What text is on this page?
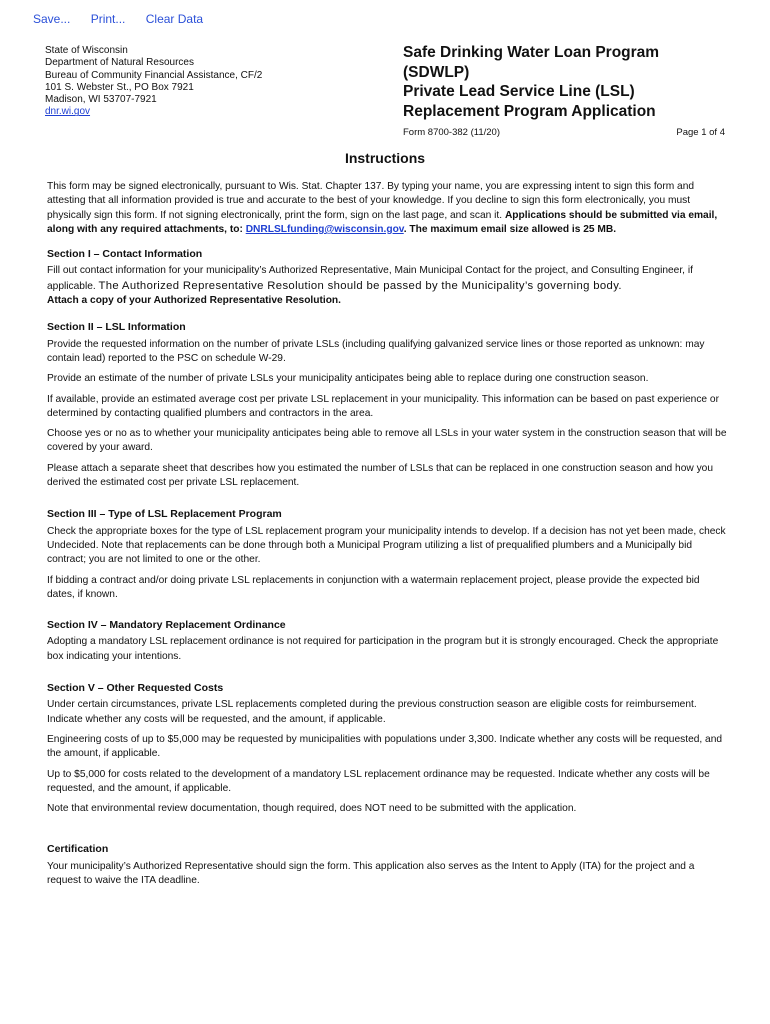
Save... Print... Clear Data
State of Wisconsin
Department of Natural Resources
Bureau of Community Financial Assistance, CF/2
101 S. Webster St., PO Box 7921
Madison, WI 53707-7921
dnr.wi.gov
Safe Drinking Water Loan Program (SDWLP)
Private Lead Service Line (LSL)
Replacement Program Application
Form 8700-382 (11/20)	Page 1 of 4
Instructions

This form may be signed electronically, pursuant to Wis. Stat. Chapter 137. By typing your name, you are expressing intent to sign this form and attesting that all information provided is true and accurate to the best of your knowledge. If you decline to sign this form electronically, you must physically sign this form. If not signing electronically, print the form, sign on the last page, and scan it. Applications should be submitted via email, along with any required attachments, to: DNRLSLfunding@wisconsin.gov. The maximum email size allowed is 25 MB.

Section I – Contact Information

Fill out contact information for your municipality’s Authorized Representative, Main Municipal Contact for the project, and Consulting Engineer, if applicable. The Authorized Representative Resolution should be passed by the Municipality’s governing body.
Attach a copy of your Authorized Representative Resolution.

Section II – LSL Information

Provide the requested information on the number of private LSLs (including qualifying galvanized service lines or those reported as unknown: may contain lead) reported to the PSC on schedule W-29.

Provide an estimate of the number of private LSLs your municipality anticipates being able to replace during one construction season.

If available, provide an estimated average cost per private LSL replacement in your municipality. This information can be based on past experience or determined by contacting qualified plumbers and contractors in the area.

Choose yes or no as to whether your municipality anticipates being able to remove all LSLs in your water system in the construction season that will be covered by your award.

Please attach a separate sheet that describes how you estimated the number of LSLs that can be replaced in one construction season and how you derived the estimated cost per private LSL replacement.

Section III – Type of LSL Replacement Program

Check the appropriate boxes for the type of LSL replacement program your municipality intends to develop. If a decision has not yet been made, check Undecided. Note that replacements can be done through both a Municipal Program utilizing a list of prequalified plumbers and a Municipally bid contract; you are not limited to one or the other.

If bidding a contract and/or doing private LSL replacements in conjunction with a watermain replacement project, please provide the expected bid dates, if known.

Section IV – Mandatory Replacement Ordinance

Adopting a mandatory LSL replacement ordinance is not required for participation in the program but it is strongly encouraged. Check the appropriate box indicating your intentions.

Section V – Other Requested Costs

Under certain circumstances, private LSL replacements completed during the previous construction season are eligible costs for reimbursement. Indicate whether any costs will be requested, and the amount, if applicable.

Engineering costs of up to $5,000 may be requested by municipalities with populations under 3,300. Indicate whether any costs will be requested, and the amount, if applicable.

Up to $5,000 for costs related to the development of a mandatory LSL replacement ordinance may be requested. Indicate whether any costs will be requested, and the amount, if applicable.

Note that environmental review documentation, though required, does NOT need to be submitted with the application.

Certification

Your municipality’s Authorized Representative should sign the form. This application also serves as the Intent to Apply (ITA) for the project and a request to waive the ITA deadline.
